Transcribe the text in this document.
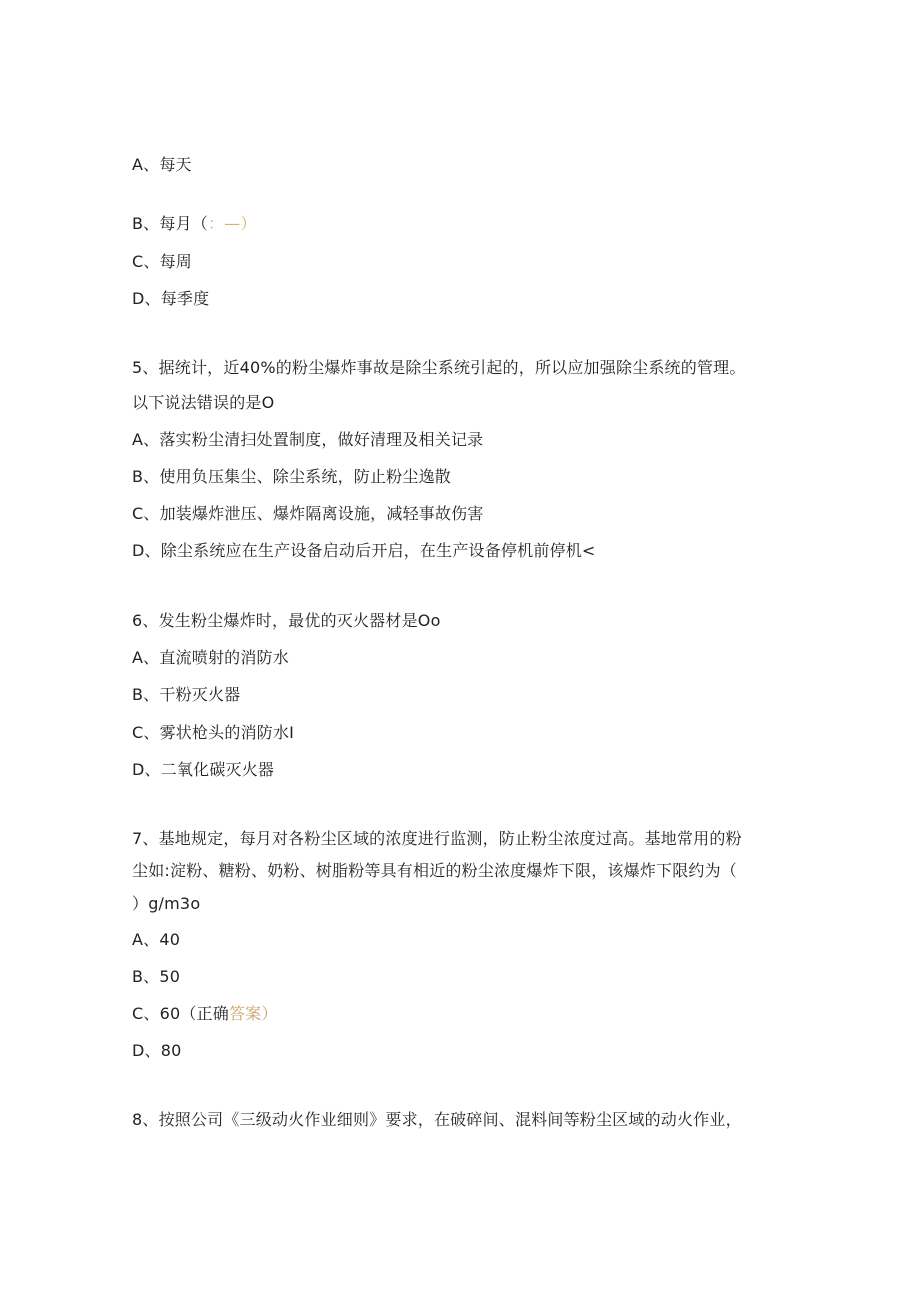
A、每天
B、每月（：—）
C、每周
D、每季度
5、据统计，近40%的粉尘爆炸事故是除尘系统引起的，所以应加强除尘系统的管理。
以下说法错误的是O
A、落实粉尘清扫处置制度，做好清理及相关记录
B、使用负压集尘、除尘系统，防止粉尘逸散
C、加装爆炸泄压、爆炸隔离设施，减轻事故伤害
D、除尘系统应在生产设备启动后开启，在生产设备停机前停机<
6、发生粉尘爆炸时，最优的灭火器材是Oo
A、直流喷射的消防水
B、干粉灭火器
C、雾状枪头的消防水I
D、二氧化碳灭火器
7、基地规定，每月对各粉尘区域的浓度进行监测，防止粉尘浓度过高。基地常用的粉
尘如:淀粉、糖粉、奶粉、树脂粉等具有相近的粉尘浓度爆炸下限，该爆炸下限约为（
）g∕m3o
A、40
B、50
C、60（正确答案）
D、80
8、按照公司《三级动火作业细则》要求，在破碎间、混料间等粉尘区域的动火作业，
